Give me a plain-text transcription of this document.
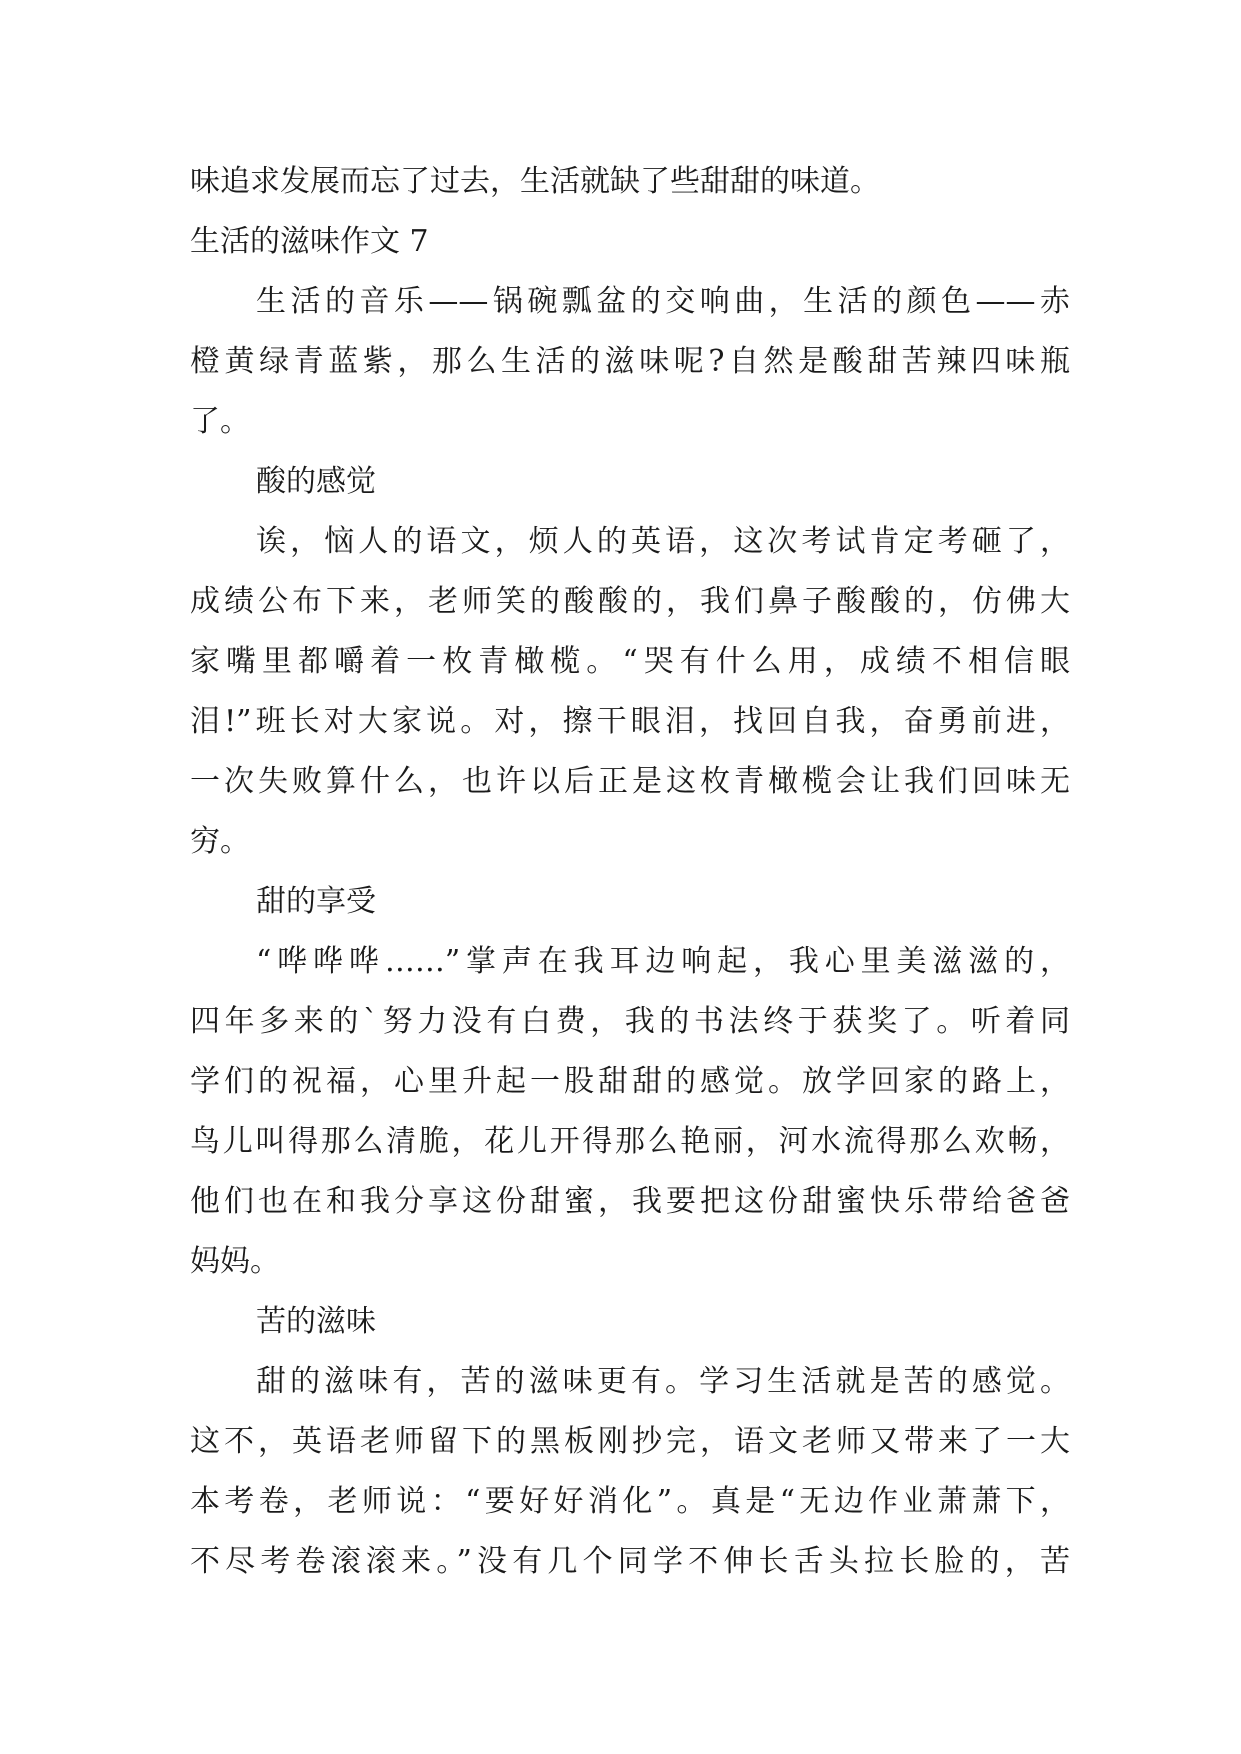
味追求发展而忘了过去，生活就缺了些甜甜的味道。
生活的滋味作文 7
生活的音乐——锅碗瓢盆的交响曲，生活的颜色——赤
橙黄绿青蓝紫，那么生活的滋味呢?自然是酸甜苦辣四味瓶
了。
酸的感觉
诶，恼人的语文，烦人的英语，这次考试肯定考砸了，
成绩公布下来，老师笑的酸酸的，我们鼻子酸酸的，仿佛大
家嘴里都嚼着一枚青橄榄。“哭有什么用，成绩不相信眼
泪!”班长对大家说。对，擦干眼泪，找回自我，奋勇前进，
一次失败算什么，也许以后正是这枚青橄榄会让我们回味无
穷。
甜的享受
“哗哗哗……”掌声在我耳边响起，我心里美滋滋的，
四年多来的`努力没有白费，我的书法终于获奖了。听着同
学们的祝福，心里升起一股甜甜的感觉。放学回家的路上，
鸟儿叫得那么清脆，花儿开得那么艳丽，河水流得那么欢畅，
他们也在和我分享这份甜蜜，我要把这份甜蜜快乐带给爸爸
妈妈。
苦的滋味
甜的滋味有，苦的滋味更有。学习生活就是苦的感觉。
这不，英语老师留下的黑板刚抄完，语文老师又带来了一大
本考卷，老师说：“要好好消化”。真是“无边作业萧萧下，
不尽考卷滚滚来。”没有几个同学不伸长舌头拉长脸的，苦
